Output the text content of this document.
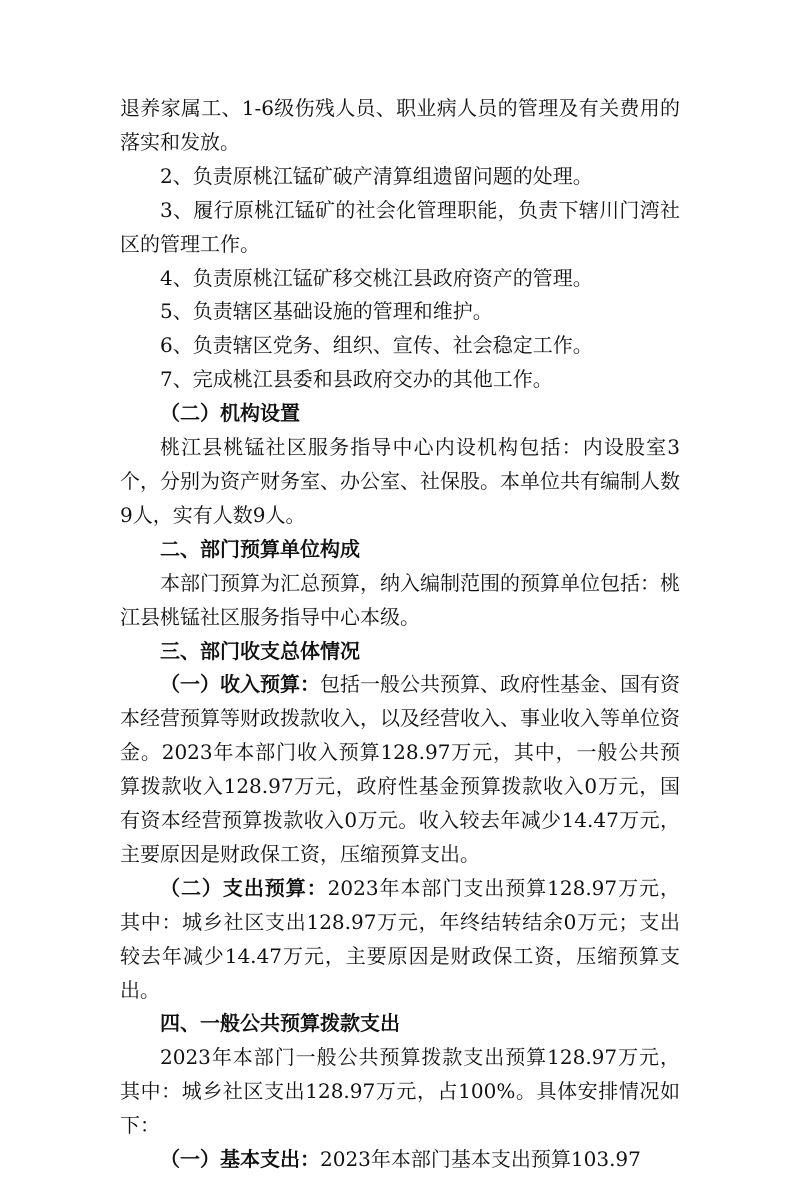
退养家属工、1-6级伤残人员、职业病人员的管理及有关费用的落实和发放。

2、负责原桃江锰矿破产清算组遗留问题的处理。

3、履行原桃江锰矿的社会化管理职能，负责下辖川门湾社区的管理工作。

4、负责原桃江锰矿移交桃江县政府资产的管理。

5、负责辖区基础设施的管理和维护。

6、负责辖区党务、组织、宣传、社会稳定工作。

7、完成桃江县委和县政府交办的其他工作。

（二）机构设置

桃江县桃锰社区服务指导中心内设机构包括：内设股室3个，分别为资产财务室、办公室、社保股。本单位共有编制人数9人，实有人数9人。

二、部门预算单位构成

本部门预算为汇总预算，纳入编制范围的预算单位包括：桃江县桃锰社区服务指导中心本级。

三、部门收支总体情况

（一）收入预算：包括一般公共预算、政府性基金、国有资本经营预算等财政拨款收入，以及经营收入、事业收入等单位资金。2023年本部门收入预算128.97万元，其中，一般公共预算拨款收入128.97万元，政府性基金预算拨款收入0万元，国有资本经营预算拨款收入0万元。收入较去年减少14.47万元，主要原因是财政保工资，压缩预算支出。

（二）支出预算：2023年本部门支出预算128.97万元，其中：城乡社区支出128.97万元，年终结转结余0万元；支出较去年减少14.47万元，主要原因是财政保工资，压缩预算支出。

四、一般公共预算拨款支出

2023年本部门一般公共预算拨款支出预算128.97万元，其中：城乡社区支出128.97万元，占100%。具体安排情况如下：

（一）基本支出：2023年本部门基本支出预算103.97
